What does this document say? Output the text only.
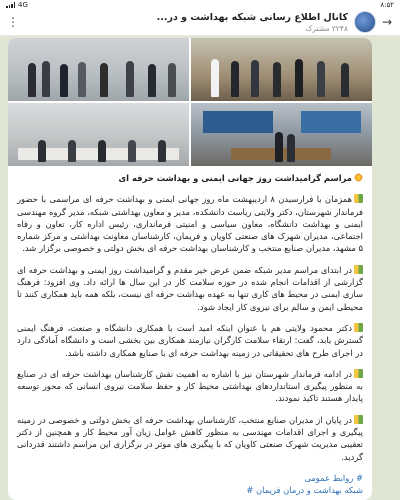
4G	۸:۵۲
⋮	کانال اطلاع رسانی شبکه بهداشت و در...
۲۲۴۸ مشترک	→

مراسم گرامیداشت روز جهانی ایمنی و بهداشت حرفه ای

همزمان با فرارسیدن ۸ اردیبهشت ماه روز جهانی ایمنی و بهداشت حرفه ای مراسمی با حضور فرماندار شهرستان، دکتر ولایتی ریاست دانشکده، مدیر و معاون بهداشتی شبکه، مدیر گروه مهندسی ایمنی و بهداشت دانشگاه، معاون سیاسی و امنیتی فرمانداری، رئیس اداره کار، تعاون و رفاه اجتماعی، مدیران شهرک های صنعتی کاویان و فریمان، کارشناسان معاونت بهداشتی و مرکز شماره ۵ مشهد، مدیران صنایع منتخب و کارشناسان بهداشت حرفه ای بخش دولتی و خصوصی برگزار شد.

در ابتدای مراسم مدیر شبکه ضمن عرض خیر مقدم و گرامیداشت روز ایمنی و بهداشت حرفه ای گزارشی از اقدامات انجام شده در حوزه سلامت کار در این سال ها ارائه داد. وی افزود: فرهنگ سازی ایمنی در محیط های کاری تنها به عهده بهداشت حرفه ای نیست، بلکه همه باید همکاری کنند تا محیطی ایمن و سالم برای نیروی کار ایجاد شود.

دکتر محمود ولایتی هم با عنوان اینکه امید است با همکاری دانشگاه و صنعت، فرهنگ ایمنی گسترش یابد، گفت: ارتقاء سلامت کارگران نیازمند همکاری بین بخشی است و دانشگاه آمادگی دارد در اجرای طرح های تحقیقاتی در زمینه بهداشت حرفه ای با صنایع همکاری داشته باشد.

در ادامه فرماندار شهرستان نیز با اشاره به اهمیت نقش کارشناسان بهداشت حرفه ای در صنایع به منظور پیگیری استانداردهای بهداشتی محیط کار و حفظ سلامت نیروی انسانی که محور توسعه پایدار هستند تاکید نمودند.

در پایان از مدیران صنایع منتخب، کارشناسان بهداشت حرفه ای بخش دولتی و خصوصی در زمینه پیگیری و اجرای اقدامات مهندسی به منظور کاهش عوامل زیان آور محیط کار و همچنین از دکتر تعقیبی مدیریت شهرک صنعتی کاویان که با پیگیری های موثر در برگزاری این مراسم داشتند قدردانی گردید.

# روابط عمومی
شبکه بهداشت و درمان فریمان #
